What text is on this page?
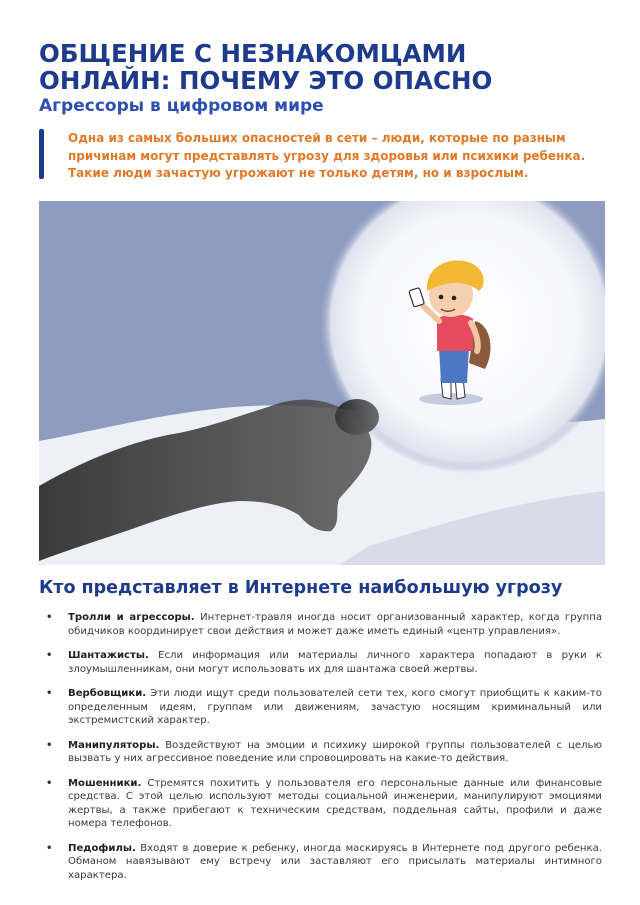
ОБЩЕНИЕ С НЕЗНАКОМЦАМИ
ОНЛАЙН: ПОЧЕМУ ЭТО ОПАСНО
Агрессоры в цифровом мире

Одна из самых больших опасностей в сети – люди, которые по разным причинам могут представлять угрозу для здоровья или психики ребенка. Такие люди зачастую угрожают не только детям, но и взрослым.

Кто представляет в Интернете наибольшую угрозу
• Тролли и агрессоры. Интернет-травля иногда носит организованный характер, когда группа обидчиков координирует свои действия и может даже иметь единый «центр управления».
• Шантажисты. Если информация или материалы личного характера попадают в руки к злоумышленникам, они могут использовать их для шантажа своей жертвы.
• Вербовщики. Эти люди ищут среди пользователей сети тех, кого смогут приобщить к каким-то определенным идеям, группам или движениям, зачастую носящим криминальный или экстремистский характер.
• Манипуляторы. Воздействуют на эмоции и психику широкой группы пользователей с целью вызвать у них агрессивное поведение или спровоцировать на какие-то действия.
• Мошенники. Стремятся похитить у пользователя его персональные данные или финансовые средства. С этой целью используют методы социальной инженерии, манипулируют эмоциями жертвы, а также прибегают к техническим средствам, поддельная сайты, профили и даже номера телефонов.
• Педофилы. Входят в доверие к ребенку, иногда маскируясь в Интернете под другого ребенка. Обманом навязывают ему встречу или заставляют его присылать материалы интимного характера.
